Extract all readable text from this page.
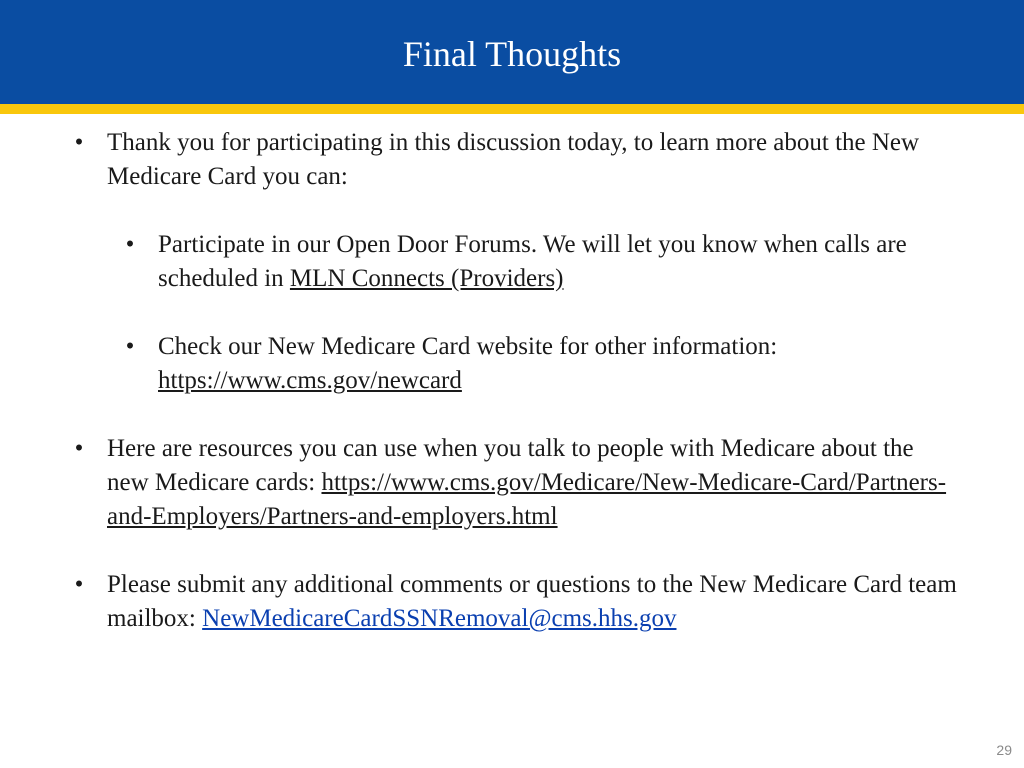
Final Thoughts
• Thank you for participating in this discussion today, to learn more about the New Medicare Card you can:
• Participate in our Open Door Forums. We will let you know when calls are scheduled in MLN Connects (Providers)
• Check our New Medicare Card website for other information: https://www.cms.gov/newcard
• Here are resources you can use when you talk to people with Medicare about the new Medicare cards: https://www.cms.gov/Medicare/New-Medicare-Card/Partners-and-Employers/Partners-and-employers.html
• Please submit any additional comments or questions to the New Medicare Card team mailbox: NewMedicareCardSSNRemoval@cms.hhs.gov
29
